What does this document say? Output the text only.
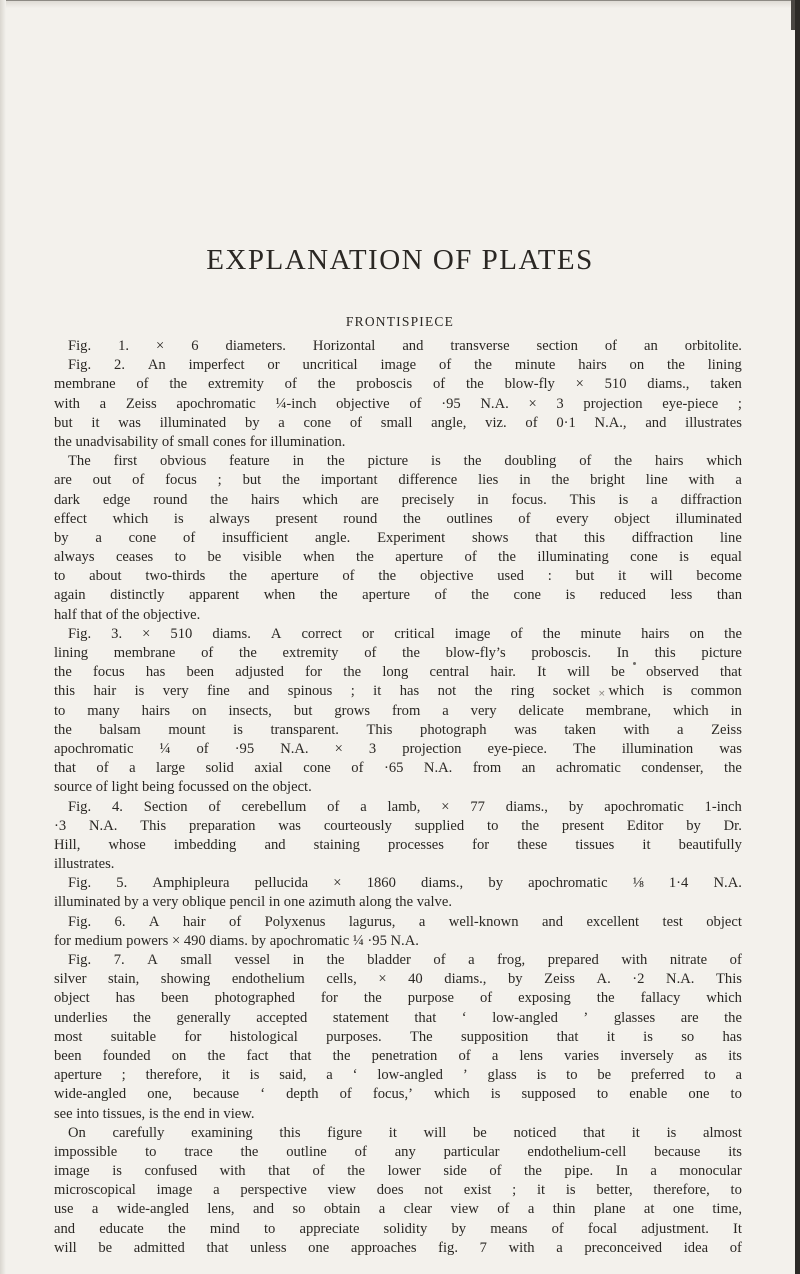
EXPLANATION OF PLATES
FRONTISPIECE
Fig. 1. × 6 diameters. Horizontal and transverse section of an orbitolite.
Fig. 2. An imperfect or uncritical image of the minute hairs on the lining
membrane of the extremity of the proboscis of the blow-fly × 510 diams., taken
with a Zeiss apochromatic ¼-inch objective of ·95 N.A. × 3 projection eye-piece ;
but it was illuminated by a cone of small angle, viz. of 0·1 N.A., and illustrates
the unadvisability of small cones for illumination.
The first obvious feature in the picture is the doubling of the hairs which
are out of focus ; but the important difference lies in the bright line with a
dark edge round the hairs which are precisely in focus. This is a diffraction
effect which is always present round the outlines of every object illuminated
by a cone of insufficient angle. Experiment shows that this diffraction line
always ceases to be visible when the aperture of the illuminating cone is equal
to about two-thirds the aperture of the objective used : but it will become
again distinctly apparent when the aperture of the cone is reduced less than
half that of the objective.
Fig. 3. × 510 diams. A correct or critical image of the minute hairs on the
lining membrane of the extremity of the blow-fly’s proboscis. In this picture
the focus has been adjusted for the long central hair. It will be observed that
this hair is very fine and spinous ; it has not the ring socket which is common
to many hairs on insects, but grows from a very delicate membrane, which in
the balsam mount is transparent. This photograph was taken with a Zeiss
apochromatic ¼ of ·95 N.A. × 3 projection eye-piece. The illumination was
that of a large solid axial cone of ·65 N.A. from an achromatic condenser, the
source of light being focussed on the object.
Fig. 4. Section of cerebellum of a lamb, × 77 diams., by apochromatic 1-inch
·3 N.A. This preparation was courteously supplied to the present Editor by Dr.
Hill, whose imbedding and staining processes for these tissues it beautifully
illustrates.
Fig. 5. Amphipleura pellucida × 1860 diams., by apochromatic ⅛ 1·4 N.A.
illuminated by a very oblique pencil in one azimuth along the valve.
Fig. 6. A hair of Polyxenus lagurus, a well-known and excellent test object
for medium powers × 490 diams. by apochromatic ¼ ·95 N.A.
Fig. 7. A small vessel in the bladder of a frog, prepared with nitrate of
silver stain, showing endothelium cells, × 40 diams., by Zeiss A. ·2 N.A. This
object has been photographed for the purpose of exposing the fallacy which
underlies the generally accepted statement that ‘ low-angled ’ glasses are the
most suitable for histological purposes. The supposition that it is so has
been founded on the fact that the penetration of a lens varies inversely as its
aperture ; therefore, it is said, a ‘ low-angled ’ glass is to be preferred to a
wide-angled one, because ‘ depth of focus,’ which is supposed to enable one to
see into tissues, is the end in view.
On carefully examining this figure it will be noticed that it is almost
impossible to trace the outline of any particular endothelium-cell because its
image is confused with that of the lower side of the pipe. In a monocular
microscopical image a perspective view does not exist ; it is better, therefore, to
use a wide-angled lens, and so obtain a clear view of a thin plane at one time,
and educate the mind to appreciate solidity by means of focal adjustment. It
will be admitted that unless one approaches fig. 7 with a preconceived idea of
×
